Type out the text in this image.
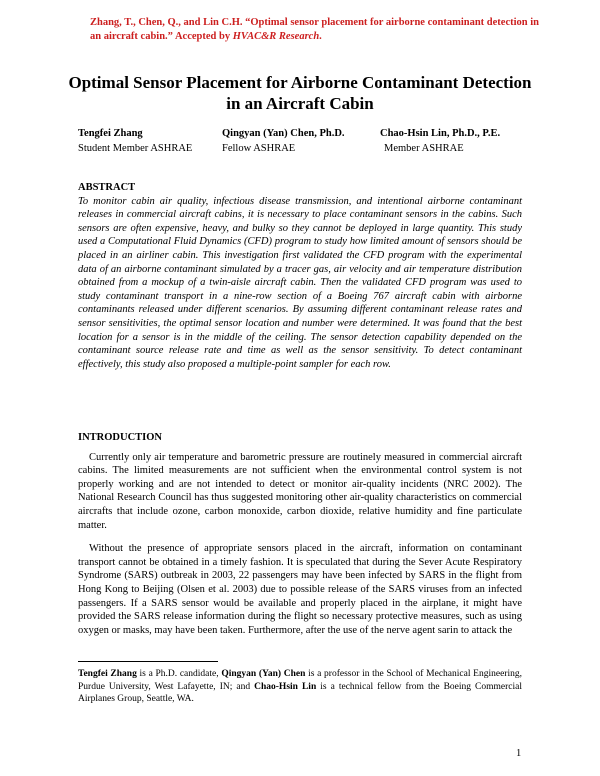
Zhang, T., Chen, Q., and Lin C.H. “Optimal sensor placement for airborne contaminant detection in an aircraft cabin.” Accepted by HVAC&R Research.
Optimal Sensor Placement for Airborne Contaminant Detection in an Aircraft Cabin
Tengfei Zhang
Student Member ASHRAE
Qingyan (Yan) Chen, Ph.D.
Fellow ASHRAE
Chao-Hsin Lin, Ph.D., P.E.
Member ASHRAE
ABSTRACT

To monitor cabin air quality, infectious disease transmission, and intentional airborne contaminant releases in commercial aircraft cabins, it is necessary to place contaminant sensors in the cabins. Such sensors are often expensive, heavy, and bulky so they cannot be deployed in large quantity. This study used a Computational Fluid Dynamics (CFD) program to study how limited amount of sensors should be placed in an airliner cabin. This investigation first validated the CFD program with the experimental data of an airborne contaminant simulated by a tracer gas, air velocity and air temperature distribution obtained from a mockup of a twin-aisle aircraft cabin. Then the validated CFD program was used to study contaminant transport in a nine-row section of a Boeing 767 aircraft cabin with airborne contaminants released under different scenarios. By assuming different contaminant release rates and sensor sensitivities, the optimal sensor location and number were determined. It was found that the best location for a sensor is in the middle of the ceiling. The sensor detection capability depended on the contaminant source release rate and time as well as the sensor sensitivity. To detect contaminant effectively, this study also proposed a multiple-point sampler for each row.

INTRODUCTION

Currently only air temperature and barometric pressure are routinely measured in commercial aircraft cabins. The limited measurements are not sufficient when the environmental control system is not properly working and are not intended to detect or monitor air-quality incidents (NRC 2002). The National Research Council has thus suggested monitoring other air-quality characteristics on commercial aircrafts that include ozone, carbon monoxide, carbon dioxide, relative humidity and fine particulate matter.

Without the presence of appropriate sensors placed in the aircraft, information on contaminant transport cannot be obtained in a timely fashion. It is speculated that during the Sever Acute Respiratory Syndrome (SARS) outbreak in 2003, 22 passengers may have been infected by SARS in the flight from Hong Kong to Beijing (Olsen et al. 2003) due to possible release of the SARS viruses from an infected passengers. If a SARS sensor would be available and properly placed in the airplane, it might have provided the SARS release information during the flight so necessary protective measures, such as using oxygen or masks, may have been taken. Furthermore, after the use of the nerve agent sarin to attack the

Tengfei Zhang is a Ph.D. candidate, Qingyan (Yan) Chen is a professor in the School of Mechanical Engineering, Purdue University, West Lafayette, IN; and Chao-Hsin Lin is a technical fellow from the Boeing Commercial Airplanes Group, Seattle, WA.
1
